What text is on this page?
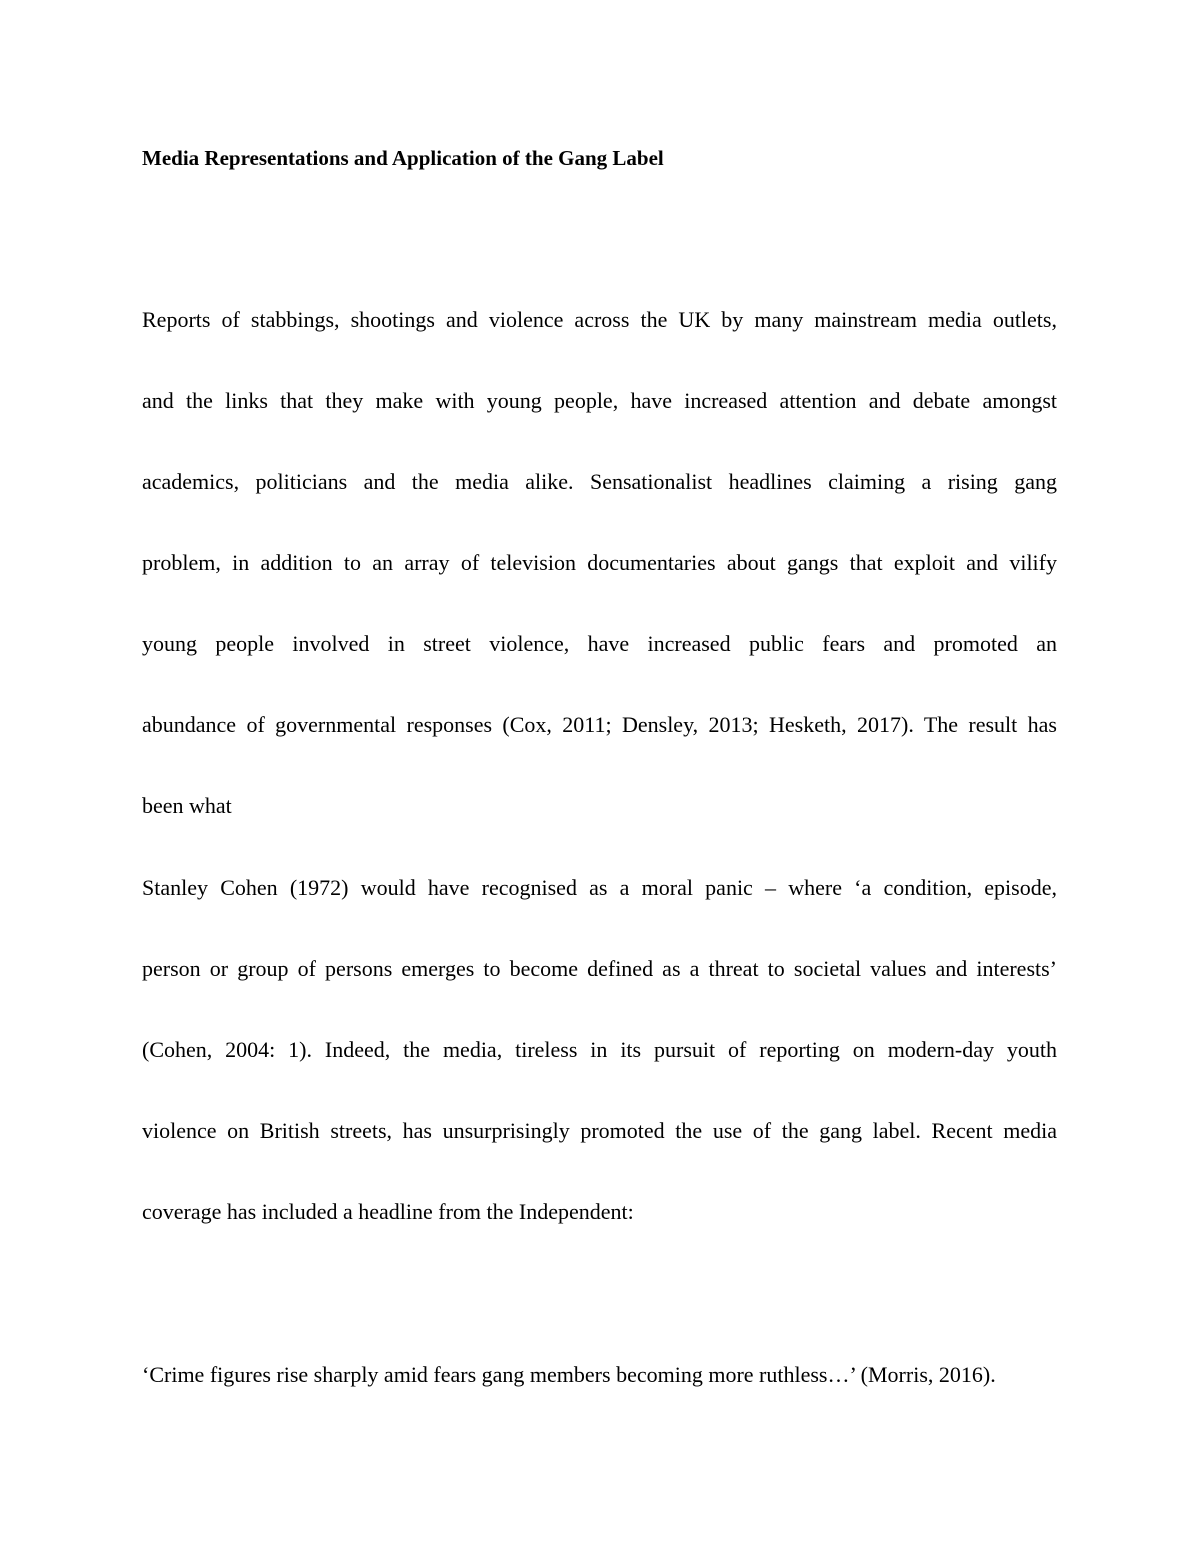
Media Representations and Application of the Gang Label

Reports of stabbings, shootings and violence across the UK by many mainstream media outlets,

and the links that they make with young people, have increased attention and debate amongst

academics, politicians and the media alike. Sensationalist headlines claiming a rising gang

problem, in addition to an array of television documentaries about gangs that exploit and vilify

young people involved in street violence, have increased public fears and promoted an

abundance of governmental responses (Cox, 2011; Densley, 2013; Hesketh, 2017). The result has

been what

Stanley Cohen (1972) would have recognised as a moral panic – where ‘a condition, episode,

person or group of persons emerges to become defined as a threat to societal values and interests’

(Cohen, 2004: 1). Indeed, the media, tireless in its pursuit of reporting on modern-day youth

violence on British streets, has unsurprisingly promoted the use of the gang label. Recent media

coverage has included a headline from the Independent:

‘Crime figures rise sharply amid fears gang members becoming more ruthless…’ (Morris, 2016).
